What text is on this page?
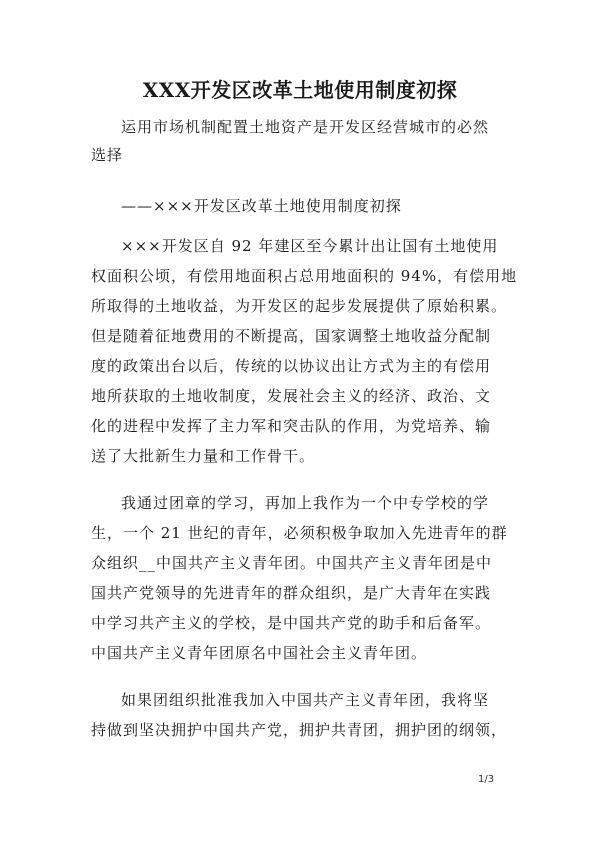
XXX开发区改革土地使用制度初探
运用市场机制配置土地资产是开发区经营城市的必然
选择
——×××开发区改革土地使用制度初探
×××开发区自 92 年建区至今累计出让国有土地使用
权面积公顷，有偿用地面积占总用地面积的 94%，有偿用地
所取得的土地收益，为开发区的起步发展提供了原始积累。
但是随着征地费用的不断提高，国家调整土地收益分配制
度的政策出台以后，传统的以协议出让方式为主的有偿用
地所获取的土地收制度，发展社会主义的经济、政治、文
化的进程中发挥了主力军和突击队的作用，为党培养、输
送了大批新生力量和工作骨干。
我通过团章的学习，再加上我作为一个中专学校的学
生，一个 21 世纪的青年，必须积极争取加入先进青年的群
众组织__中国共产主义青年团。中国共产主义青年团是中
国共产党领导的先进青年的群众组织，是广大青年在实践
中学习共产主义的学校，是中国共产党的助手和后备军。
中国共产主义青年团原名中国社会主义青年团。
如果团组织批准我加入中国共产主义青年团，我将坚
持做到坚决拥护中国共产党，拥护共青团，拥护团的纲领，
1/3
